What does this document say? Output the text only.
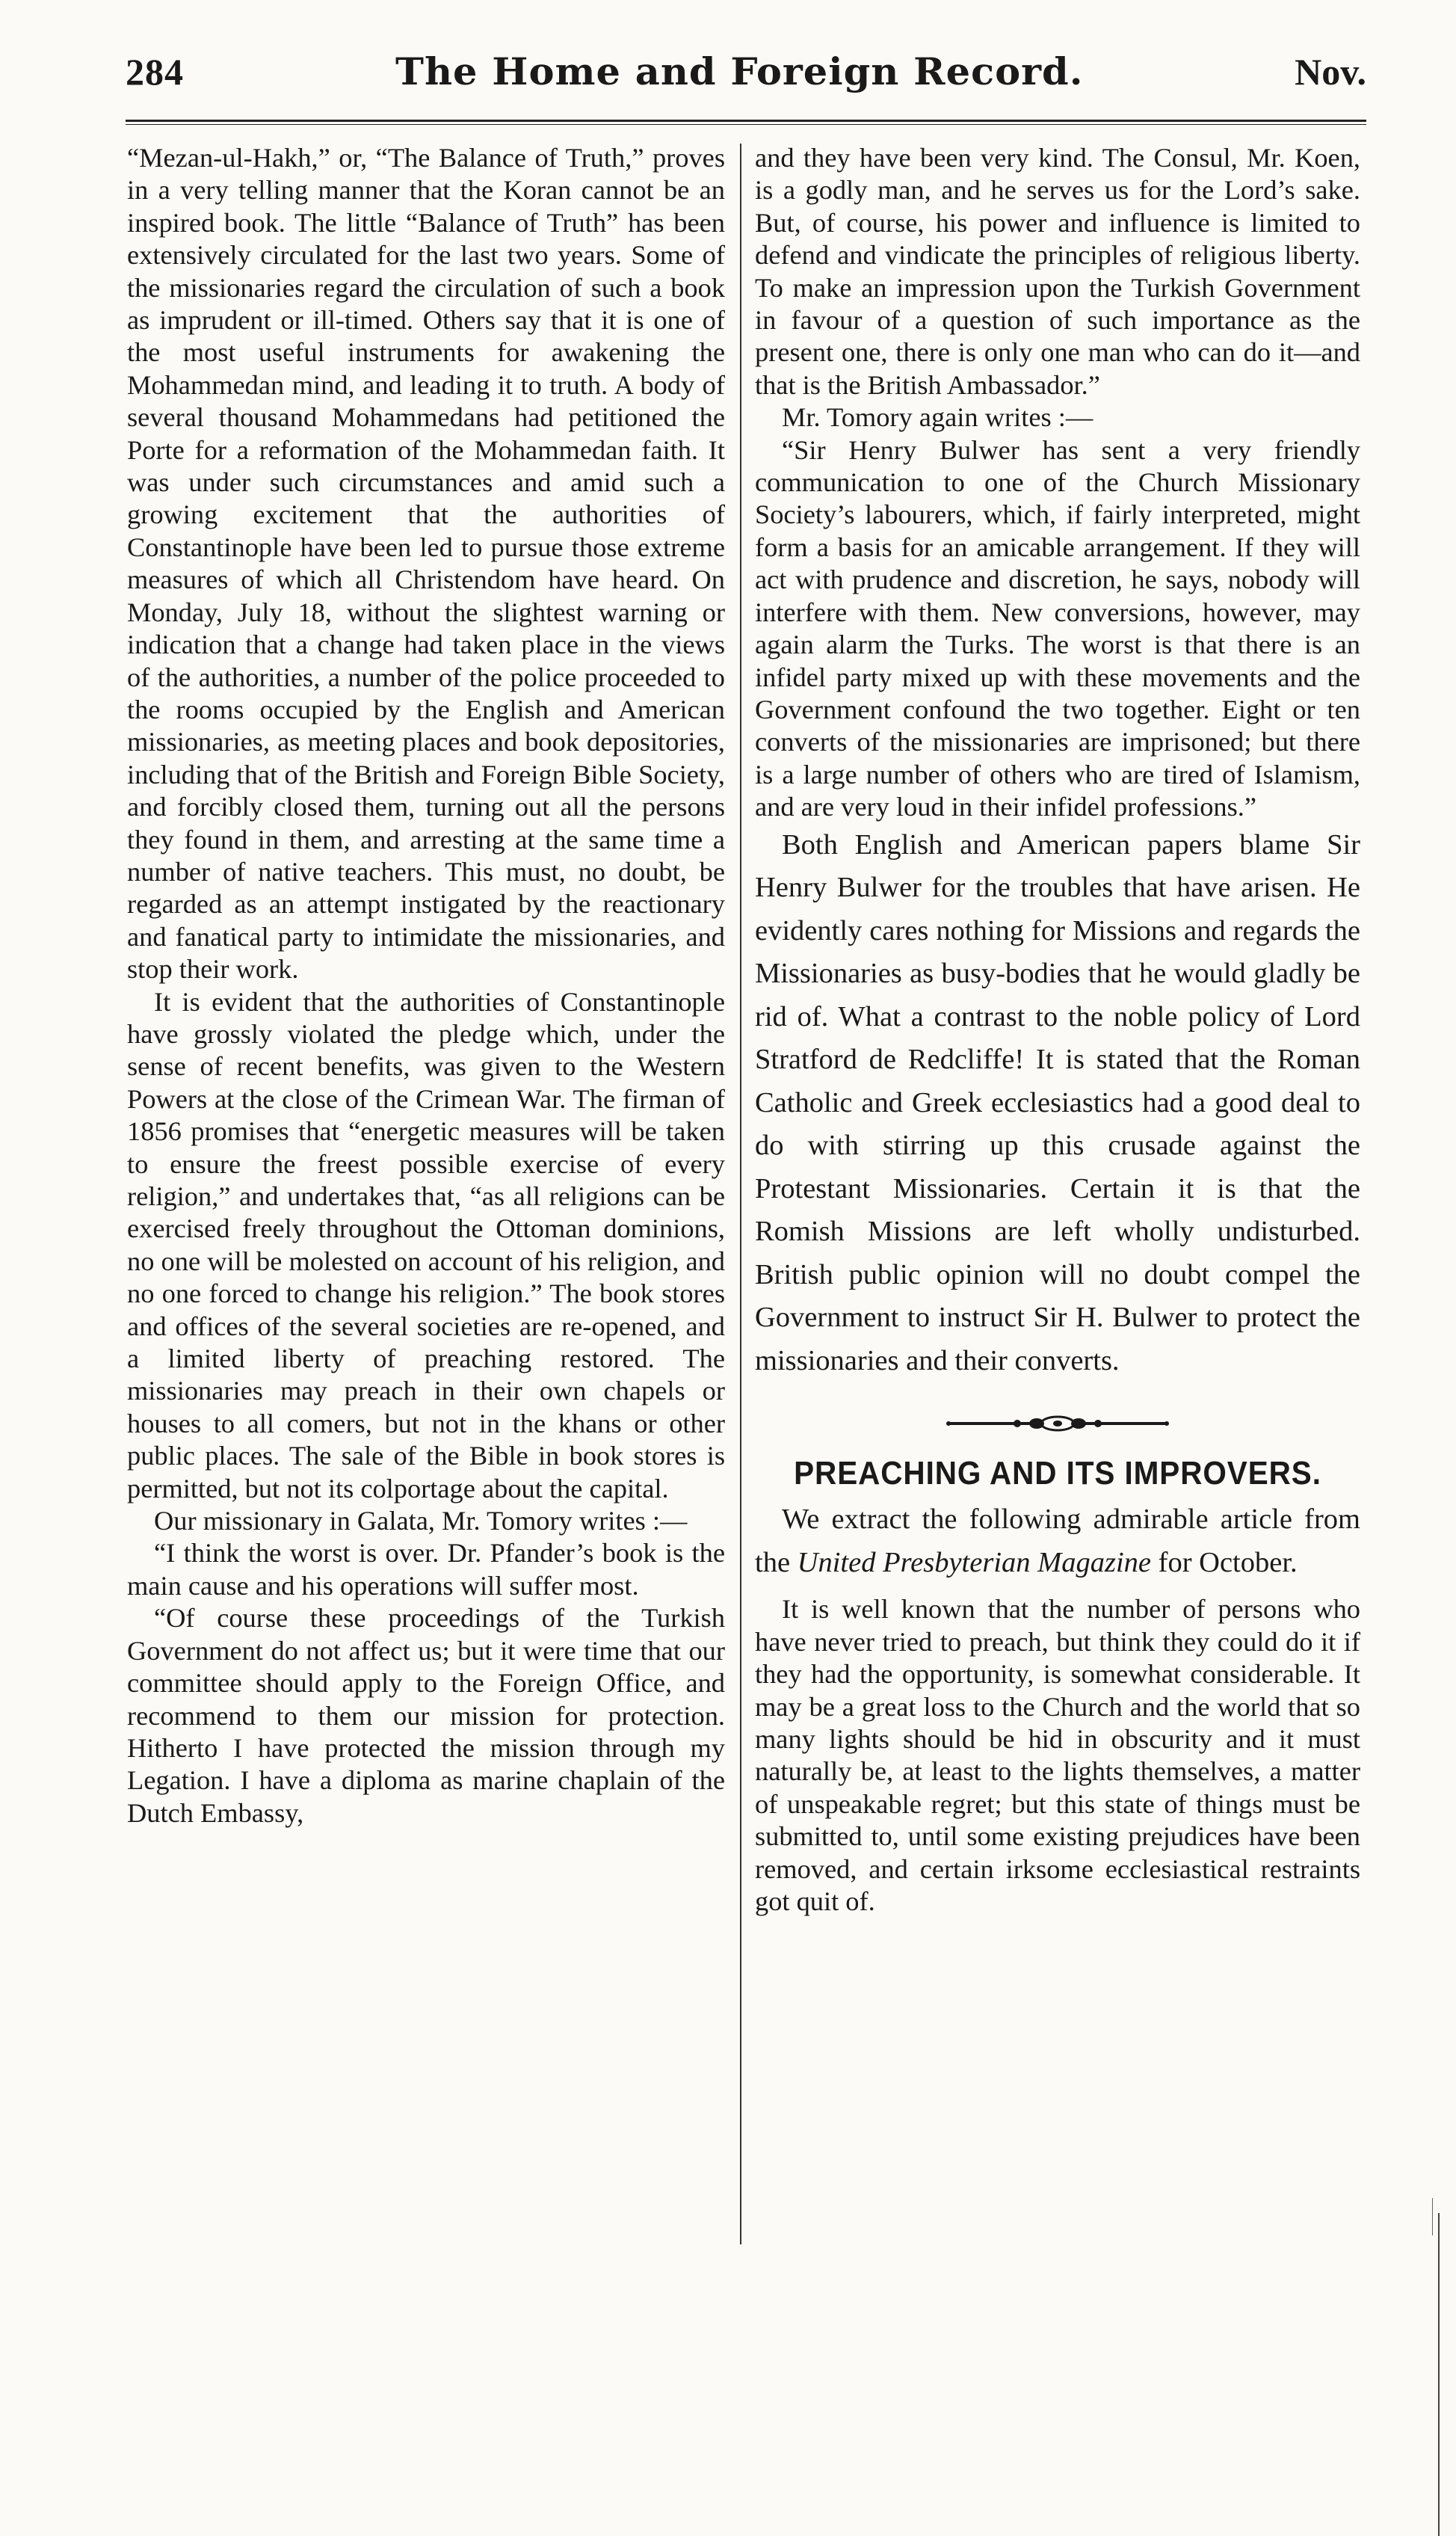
284	The Home and Foreign Record.	Nov.

“Mezan-ul-Hakh,” or, “The Balance of Truth,” proves in a very telling manner that the Koran cannot be an inspired book. The little “Balance of Truth” has been extensively circulated for the last two years. Some of the missionaries regard the circulation of such a book as imprudent or ill-timed. Others say that it is one of the most useful instruments for awakening the Mohammedan mind, and leading it to truth. A body of several thousand Mohammedans had petitioned the Porte for a reformation of the Mohammedan faith. It was under such circumstances and amid such a growing excitement that the authorities of Constantinople have been led to pursue those extreme measures of which all Christendom have heard. On Monday, July 18, without the slightest warning or indication that a change had taken place in the views of the authorities, a number of the police proceeded to the rooms occupied by the English and American missionaries, as meeting places and book depositories, including that of the British and Foreign Bible Society, and forcibly closed them, turning out all the persons they found in them, and arresting at the same time a number of native teachers. This must, no doubt, be regarded as an attempt instigated by the reactionary and fanatical party to intimidate the missionaries, and stop their work.

It is evident that the authorities of Constantinople have grossly violated the pledge which, under the sense of recent benefits, was given to the Western Powers at the close of the Crimean War. The firman of 1856 promises that “energetic measures will be taken to ensure the freest possible exercise of every religion,” and undertakes that, “as all religions can be exercised freely throughout the Ottoman dominions, no one will be molested on account of his religion, and no one forced to change his religion.” The book stores and offices of the several societies are re-opened, and a limited liberty of preaching restored. The missionaries may preach in their own chapels or houses to all comers, but not in the khans or other public places. The sale of the Bible in book stores is permitted, but not its colportage about the capital.

Our missionary in Galata, Mr. Tomory writes :—

“I think the worst is over. Dr. Pfander’s book is the main cause and his operations will suffer most.

“Of course these proceedings of the Turkish Government do not affect us; but it were time that our committee should apply to the Foreign Office, and recommend to them our mission for protection. Hitherto I have protected the mission through my Legation. I have a diploma as marine chaplain of the Dutch Embassy,

and they have been very kind. The Consul, Mr. Koen, is a godly man, and he serves us for the Lord’s sake. But, of course, his power and influence is limited to defend and vindicate the principles of religious liberty. To make an impression upon the Turkish Government in favour of a question of such importance as the present one, there is only one man who can do it—and that is the British Ambassador.”

Mr. Tomory again writes :—

“Sir Henry Bulwer has sent a very friendly communication to one of the Church Missionary Society’s labourers, which, if fairly interpreted, might form a basis for an amicable arrangement. If they will act with prudence and discretion, he says, nobody will interfere with them. New conversions, however, may again alarm the Turks. The worst is that there is an infidel party mixed up with these movements and the Government confound the two together. Eight or ten converts of the missionaries are imprisoned; but there is a large number of others who are tired of Islamism, and are very loud in their infidel professions.”

Both English and American papers blame Sir Henry Bulwer for the troubles that have arisen. He evidently cares nothing for Missions and regards the Missionaries as busy-bodies that he would gladly be rid of. What a contrast to the noble policy of Lord Stratford de Redcliffe! It is stated that the Roman Catholic and Greek ecclesiastics had a good deal to do with stirring up this crusade against the Protestant Missionaries. Certain it is that the Romish Missions are left wholly undisturbed. British public opinion will no doubt compel the Government to instruct Sir H. Bulwer to protect the missionaries and their converts.

PREACHING AND ITS IMPROVERS.

We extract the following admirable article from the United Presbyterian Magazine for October.

It is well known that the number of persons who have never tried to preach, but think they could do it if they had the opportunity, is somewhat considerable. It may be a great loss to the Church and the world that so many lights should be hid in obscurity and it must naturally be, at least to the lights themselves, a matter of unspeakable regret; but this state of things must be submitted to, until some existing prejudices have been removed, and certain irksome ecclesiastical restraints got quit of.
